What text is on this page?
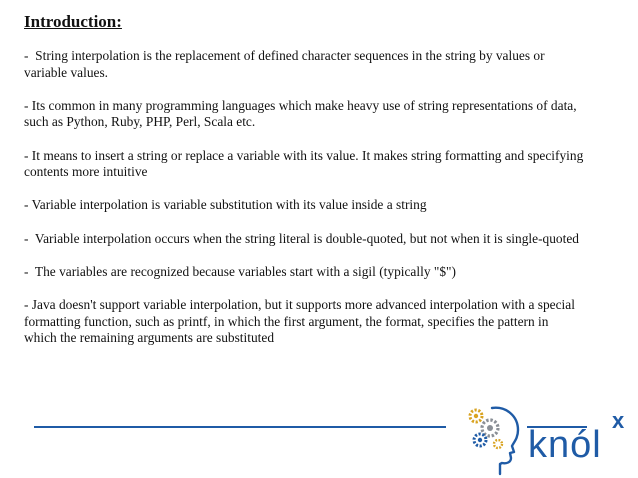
Introduction:
-  String interpolation is the replacement of defined character sequences in the string by values or variable values.
- Its common in many programming languages which make heavy use of string representations of data, such as Python, Ruby, PHP, Perl, Scala etc.
- It means to insert a string or replace a variable with its value. It makes string formatting and specifying contents more intuitive
- Variable interpolation is variable substitution with its value inside a string
-  Variable interpolation occurs when the string literal is double-quoted, but not when it is single-quoted
-  The variables are recognized because variables start with a sigil (typically "$")
- Java doesn't support variable interpolation, but it supports more advanced interpolation with a special formatting function, such as printf, in which the first argument, the format, specifies the pattern in which the remaining arguments are substituted
knól
x
